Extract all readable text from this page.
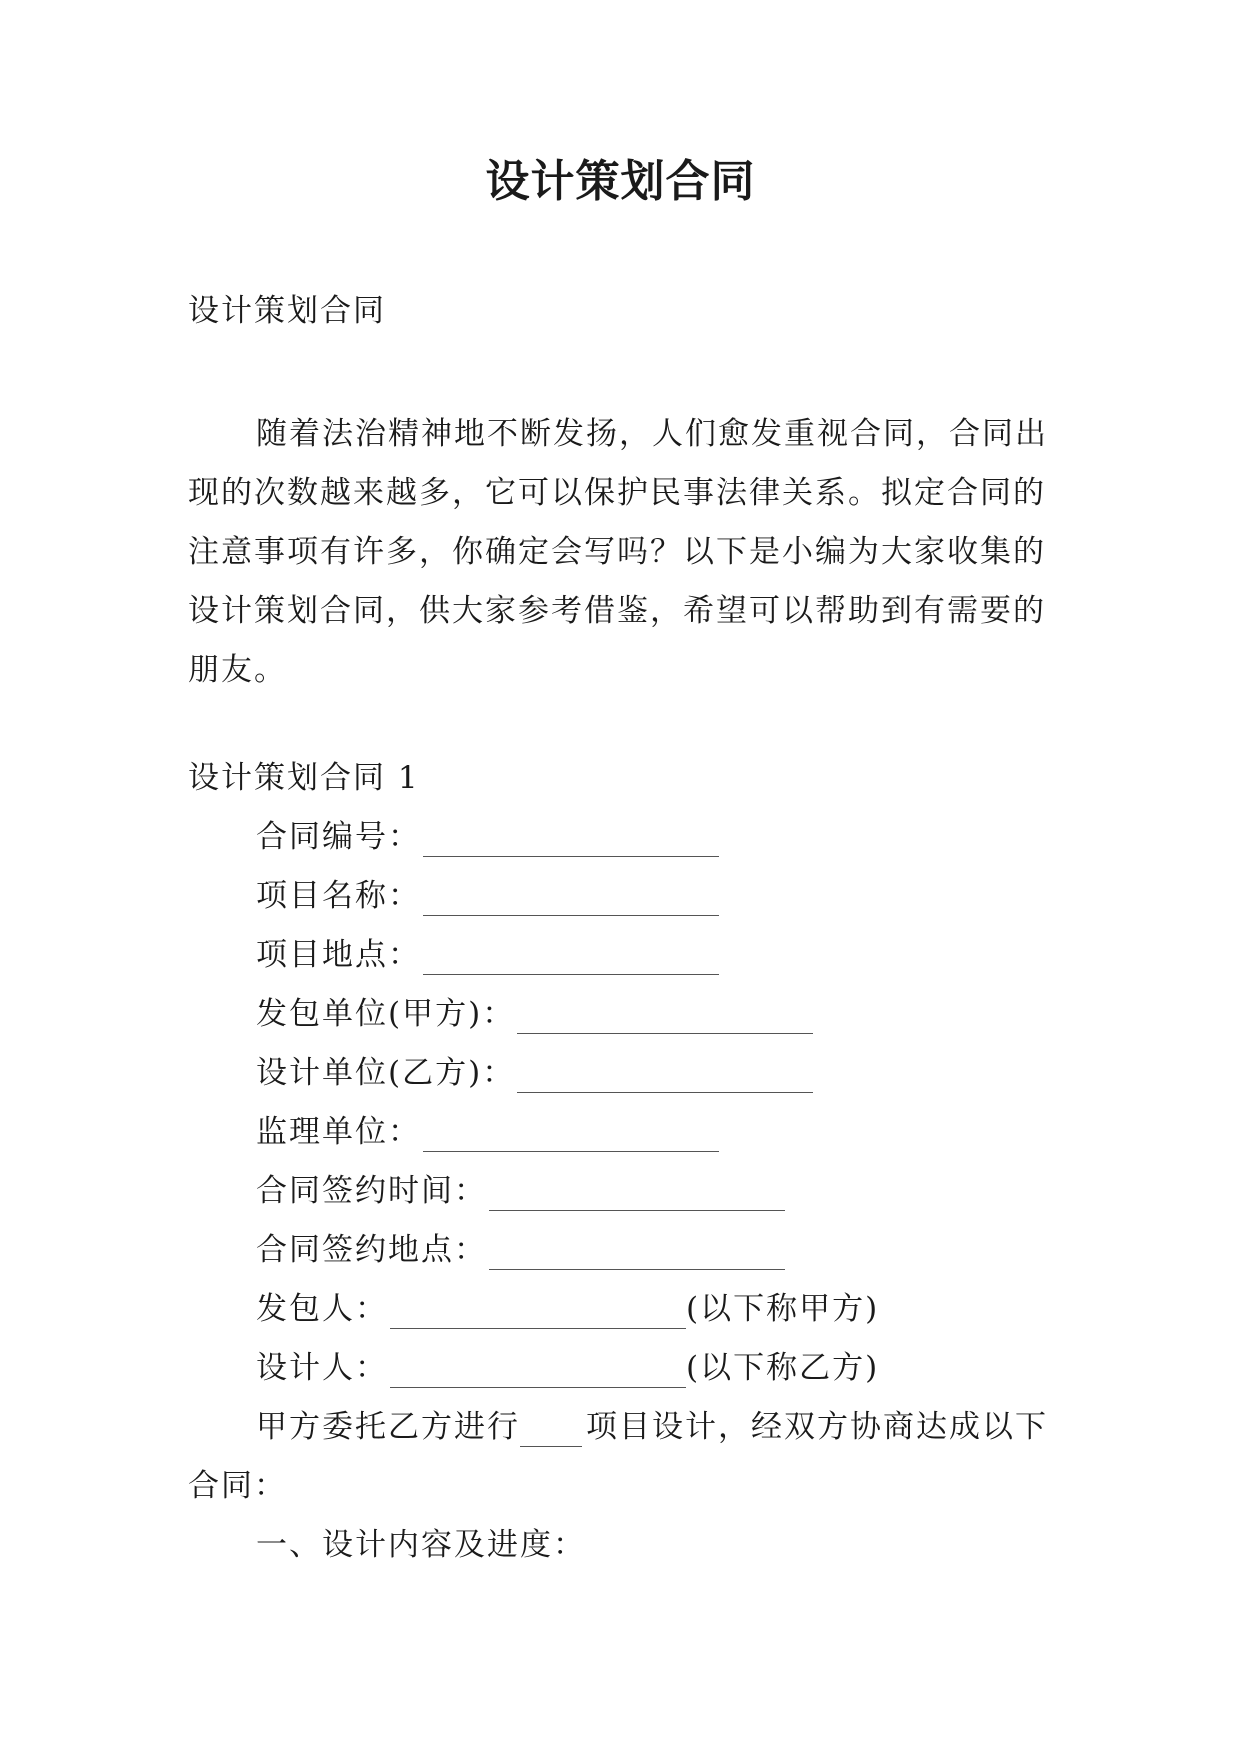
设计策划合同
设计策划合同
随着法治精神地不断发扬，人们愈发重视合同，合同出
现的次数越来越多，它可以保护民事法律关系。拟定合同的
注意事项有许多，你确定会写吗？以下是小编为大家收集的
设计策划合同，供大家参考借鉴，希望可以帮助到有需要的
朋友。
设计策划合同 1
合同编号：
项目名称：
项目地点：
发包单位(甲方)：
设计单位(乙方)：
监理单位：
合同签约时间：
合同签约地点：
发包人：	(以下称甲方)
设计人：	(以下称乙方)
甲方委托乙方进行 项目设计，经双方协商达成以下
合同：
一、设计内容及进度：
